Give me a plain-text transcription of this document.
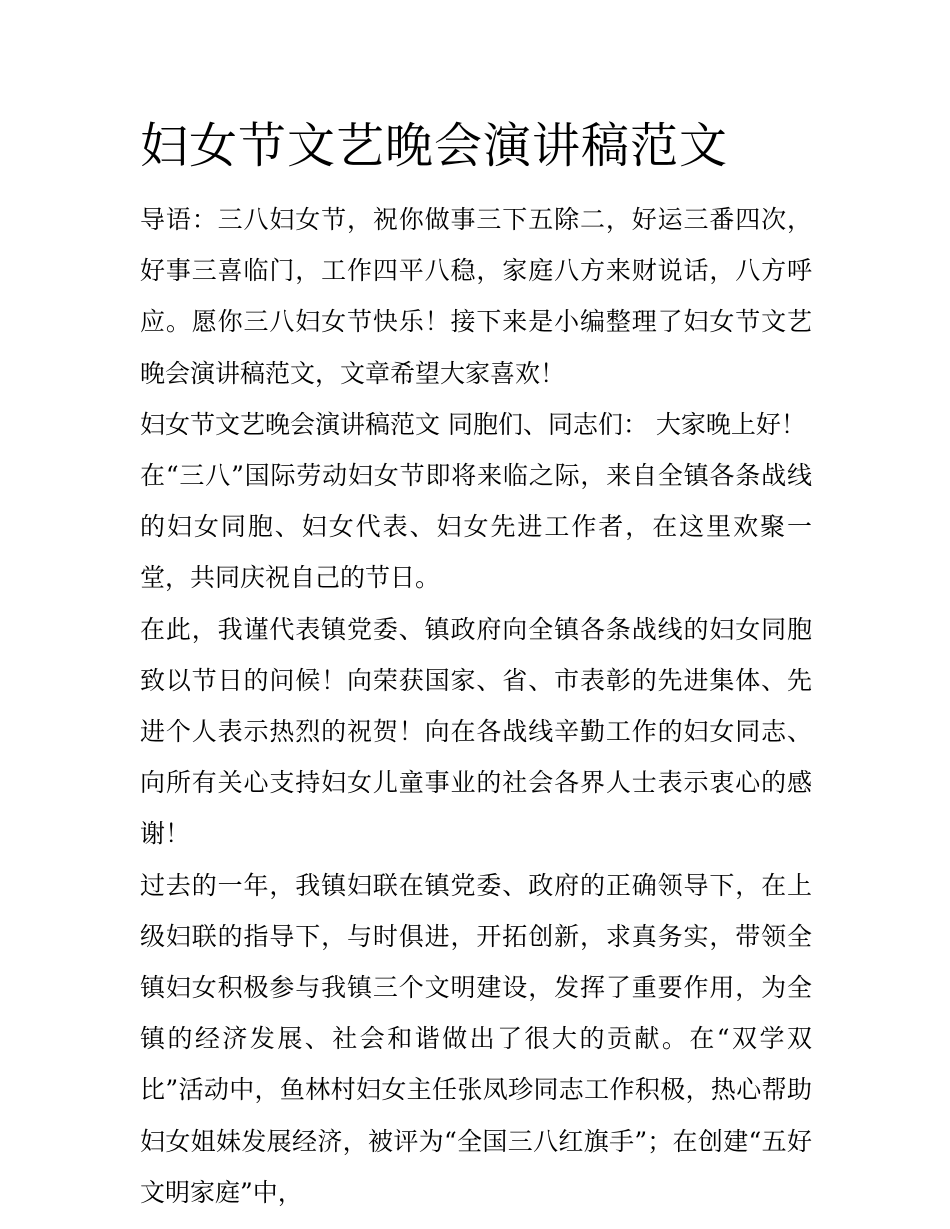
妇女节文艺晚会演讲稿范文

导语：三八妇女节，祝你做事三下五除二，好运三番四次，好事三喜临门，工作四平八稳，家庭八方来财说话，八方呼应。愿你三八妇女节快乐！接下来是小编整理了妇女节文艺晚会演讲稿范文，文章希望大家喜欢！

妇女节文艺晚会演讲稿范文 同胞们、同志们： 大家晚上好！

在“三八”国际劳动妇女节即将来临之际，来自全镇各条战线的妇女同胞、妇女代表、妇女先进工作者，在这里欢聚一堂，共同庆祝自己的节日。

在此，我谨代表镇党委、镇政府向全镇各条战线的妇女同胞致以节日的问候！向荣获国家、省、市表彰的先进集体、先进个人表示热烈的祝贺！向在各战线辛勤工作的妇女同志、向所有关心支持妇女儿童事业的社会各界人士表示衷心的感谢！

过去的一年，我镇妇联在镇党委、政府的正确领导下，在上级妇联的指导下，与时俱进，开拓创新，求真务实，带领全镇妇女积极参与我镇三个文明建设，发挥了重要作用，为全镇的经济发展、社会和谐做出了很大的贡献。在“双学双比”活动中，鱼林村妇女主任张凤珍同志工作积极，热心帮助妇女姐妹发展经济，被评为“全国三八红旗手”；在创建“五好文明家庭”中，
